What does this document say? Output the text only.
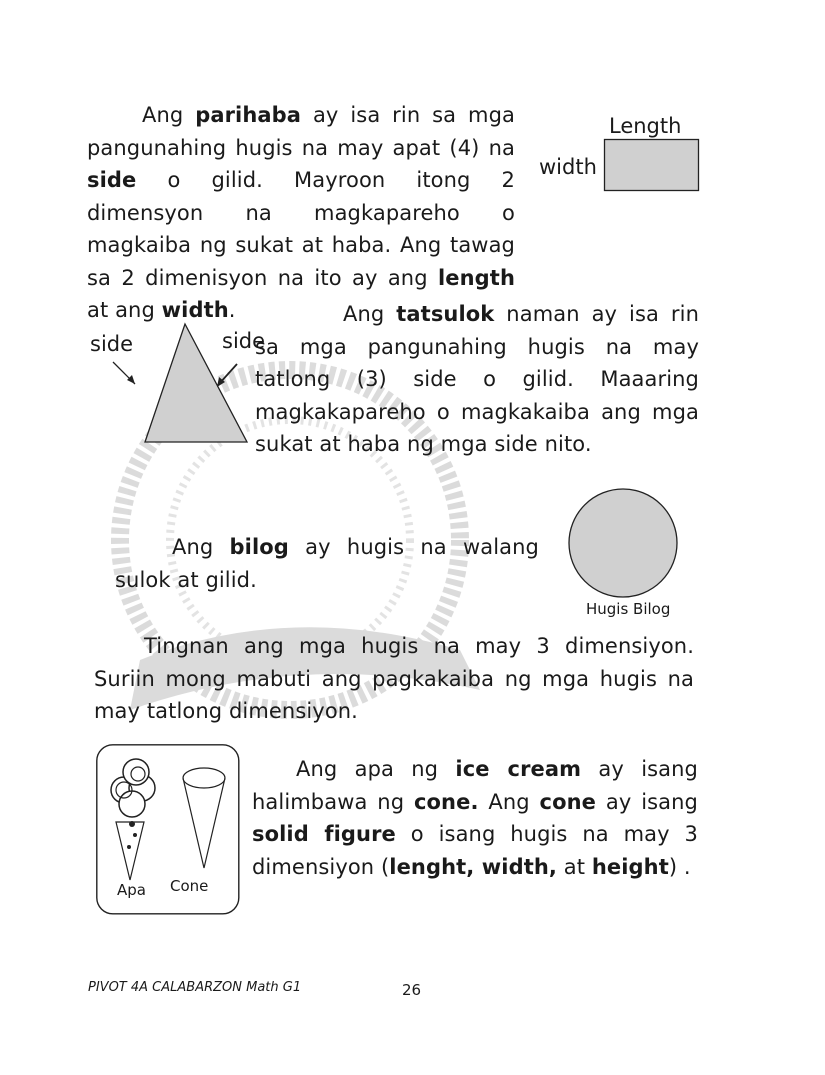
Ang parihaba ay isa rin sa mga pangunahing hugis na may apat (4) na side o gilid. Mayroon itong 2 dimensyon na magkapareho o magkaiba ng sukat at haba. Ang tawag sa 2 dimenisyon na ito ay ang length at ang width.

Length
width
side	side

Ang tatsulok naman ay isa rin sa mga pangunahing hugis na may tatlong (3) side o gilid. Maaaring magkakapareho o magkakaiba ang mga sukat at haba ng mga side nito.

Ang bilog ay hugis na walang sulok at gilid.

Hugis Bilog

Tingnan ang mga hugis na may 3 dimensiyon. Suriin mong mabuti ang pagkakaiba ng mga hugis na may tatlong dimensiyon.

Apa Cone

Ang apa ng ice cream ay isang halimbawa ng cone. Ang cone ay isang solid figure o isang hugis na may 3 dimensiyon (lenght, width, at height) .

PIVOT 4A CALABARZON Math G1	26
